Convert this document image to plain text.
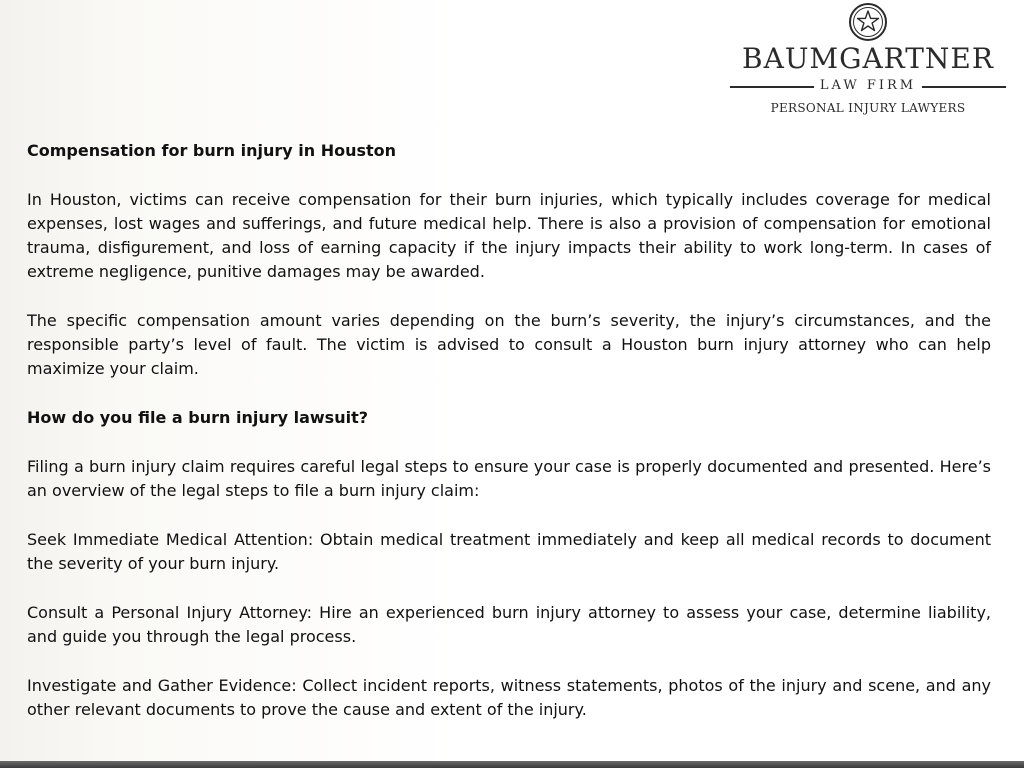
BAUMGARTNER
LAW FIRM
PERSONAL INJURY LAWYERS
Compensation for burn injury in Houston

In Houston, victims can receive compensation for their burn injuries, which typically includes coverage for medical expenses, lost wages and sufferings, and future medical help. There is also a provision of compensation for emotional trauma, disfigurement, and loss of earning capacity if the injury impacts their ability to work long-term. In cases of extreme negligence, punitive damages may be awarded.

The specific compensation amount varies depending on the burn’s severity, the injury’s circumstances, and the responsible party’s level of fault. The victim is advised to consult a Houston burn injury attorney who can help maximize your claim.

How do you file a burn injury lawsuit?

Filing a burn injury claim requires careful legal steps to ensure your case is properly documented and presented. Here’s an overview of the legal steps to file a burn injury claim:

Seek Immediate Medical Attention: Obtain medical treatment immediately and keep all medical records to document the severity of your burn injury.

Consult a Personal Injury Attorney: Hire an experienced burn injury attorney to assess your case, determine liability, and guide you through the legal process.

Investigate and Gather Evidence: Collect incident reports, witness statements, photos of the injury and scene, and any other relevant documents to prove the cause and extent of the injury.
